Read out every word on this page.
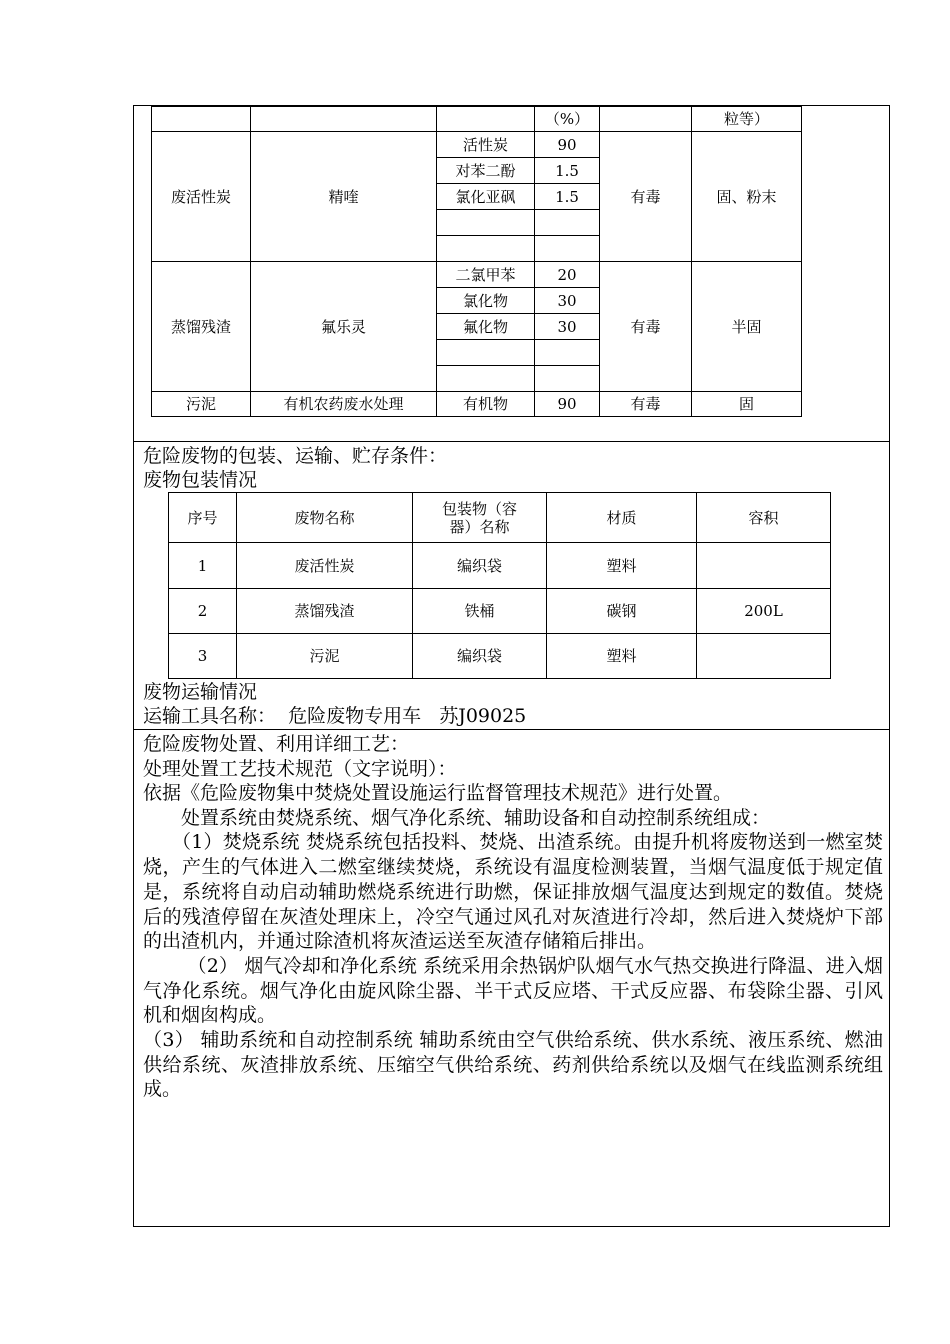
			（%）		粒等）
废活性炭	精喹	活性炭	90	有毒	固、粉末
		对苯二酚	1.5		
		氯化亚砜	1.5		

蒸馏残渣	氟乐灵	二氯甲苯	20	有毒	半固
		氯化物	30		
		氟化物	30		

污泥	有机农药废水处理	有机物	90	有毒	固
危险废物的包装、运输、贮存条件：
废物包装情况
序号	废物名称	包装物（容器）名称	材质	容积
1	废活性炭	编织袋	塑料	
2	蒸馏残渣	铁桶	碳钢	200L
3	污泥	编织袋	塑料	
废物运输情况
运输工具名称：  危险废物专用车   苏J09025
危险废物处置、利用详细工艺：
处理处置工艺技术规范（文字说明）：

依据《危险废物集中焚烧处置设施运行监督管理技术规范》进行处置。

　　处置系统由焚烧系统、烟气净化系统、辅助设备和自动控制系统组成：

　　（1）焚烧系统 焚烧系统包括投料、焚烧、出渣系统。由提升机将废物送到一燃室焚烧，产生的气体进入二燃室继续焚烧，系统设有温度检测装置，当烟气温度低于规定值是，系统将自动启动辅助燃烧系统进行助燃，保证排放烟气温度达到规定的数值。焚烧后的残渣停留在灰渣处理床上，冷空气通过风孔对灰渣进行冷却，然后进入焚烧炉下部的出渣机内，并通过除渣机将灰渣运送至灰渣存储箱后排出。

　　 （2） 烟气冷却和净化系统 系统采用余热锅炉队烟气水气热交换进行降温、进入烟气净化系统。烟气净化由旋风除尘器、半干式反应塔、干式反应器、布袋除尘器、引风机和烟囱构成。

（3） 辅助系统和自动控制系统 辅助系统由空气供给系统、供水系统、液压系统、燃油供给系统、灰渣排放系统、压缩空气供给系统、药剂供给系统以及烟气在线监测系统组成。
